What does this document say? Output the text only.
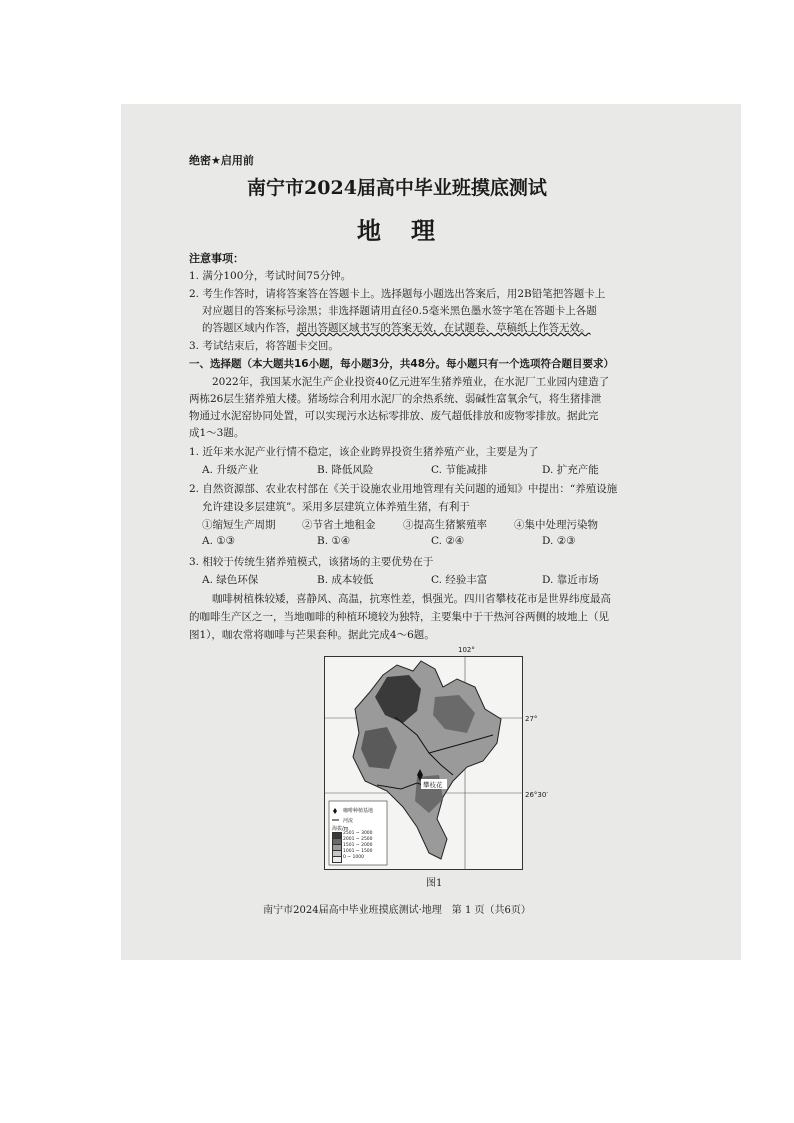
绝密★启用前
南宁市2024届高中毕业班摸底测试
地 理
注意事项：
1. 满分100分，考试时间75分钟。
2. 考生作答时，请将答案答在答题卡上。选择题每小题选出答案后，用2B铅笔把答题卡上
对应题目的答案标号涂黑；非选择题请用直径0.5毫米黑色墨水签字笔在答题卡上各题
的答题区域内作答，超出答题区域书写的答案无效，在试题卷、草稿纸上作答无效。
3. 考试结束后，将答题卡交回。
一、选择题（本大题共16小题，每小题3分，共48分。每小题只有一个选项符合题目要求）
2022年，我国某水泥生产企业投资40亿元进军生猪养殖业，在水泥厂工业园内建造了
两栋26层生猪养殖大楼。猪场综合利用水泥厂的余热系统、弱碱性富氧余气，将生猪排泄
物通过水泥窑协同处置，可以实现污水达标零排放、废气超低排放和废物零排放。据此完
成1～3题。
1. 近年来水泥产业行情不稳定，该企业跨界投资生猪养殖产业，主要是为了
A. 升级产业	B. 降低风险	C. 节能减排	D. 扩充产能
2. 自然资源部、农业农村部在《关于设施农业用地管理有关问题的通知》中提出：“养殖设施
允许建设多层建筑”。采用多层建筑立体养殖生猪，有利于
①缩短生产周期	②节省土地租金	③提高生猪繁殖率	④集中处理污染物
A. ①③	B. ①④	C. ②④	D. ②③
3. 相较于传统生猪养殖模式，该猪场的主要优势在于
A. 绿色环保	B. 成本较低	C. 经验丰富	D. 靠近市场
咖啡树植株较矮，喜静风、高温，抗寒性差，惧强光。四川省攀枝花市是世界纬度最高
的咖啡生产区之一，当地咖啡的种植环境较为独特，主要集中于干热河谷两侧的坡地上（见
图1），咖农常将咖啡与芒果套种。据此完成4～6题。
102°
27°
26°30′
攀枝花
咖啡种植基地
河流
海拔/m
2501 ~ 3000
2001 ~ 2500
1501 ~ 2000
1001 ~ 1500
0 ~ 1000
图1
南宁市2024届高中毕业班摸底测试·地理　第 1 页（共6页）
